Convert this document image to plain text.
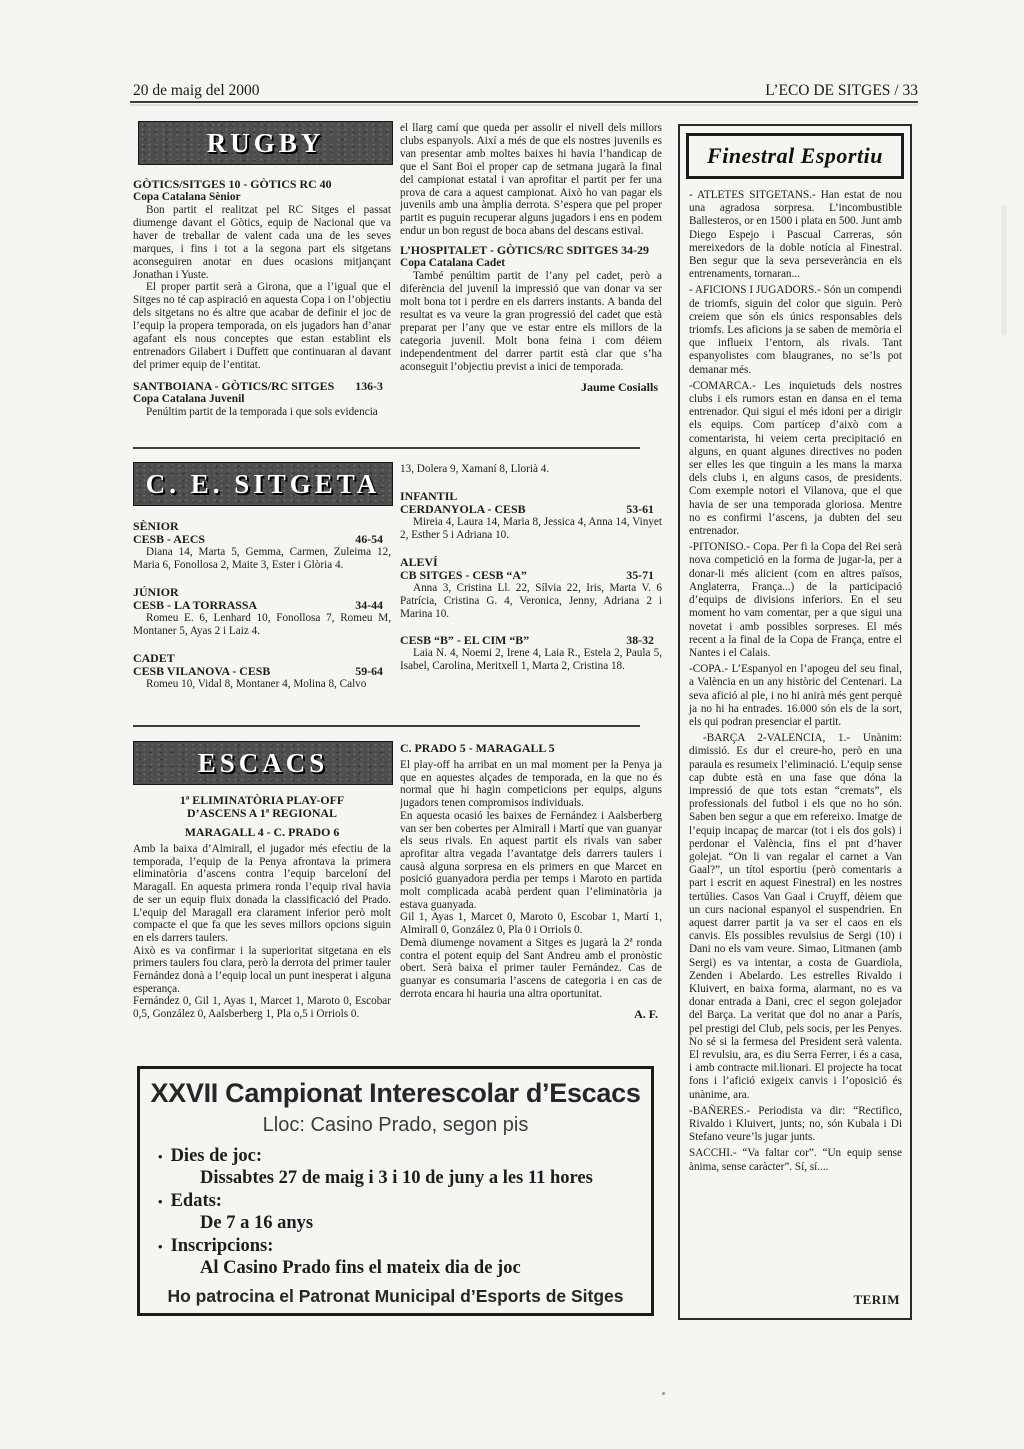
20 de maig del 2000	L’ECO DE SITGES / 33
RUGBY
GÒTICS/SITGES 10 - GÒTICS RC 40
Copa Catalana Sènior

Bon partit el realitzat pel RC Sitges el passat diumenge davant el Gòtics, equip de Nacional que va haver de treballar de valent cada una de les seves marques, i fins i tot a la segona part els sitgetans aconseguiren anotar en dues ocasions mitjançant Jonathan i Yuste.

El proper partit serà a Girona, que a l’igual que el Sitges no té cap aspiració en aquesta Copa i on l’objectiu dels sitgetans no és altre que acabar de definir el joc de l’equip la propera temporada, on els jugadors han d’anar agafant els nous conceptes que estan establint els entrenadors Gilabert i Duffett que continuaran al davant del primer equip de l’entitat.

SANTBOIANA - GÒTICS/RC SITGES 136-3
Copa Catalana Juvenil

Penúltim partit de la temporada i que sols evidencia

el llarg camí que queda per assolir el nivell dels millors clubs espanyols. Així a més de que els nostres juvenils es van presentar amb moltes baixes hi havia l’handicap de que el Sant Boi el proper cap de setmana jugarà la final del campionat estatal i van aprofitar el partit per fer una prova de cara a aquest campionat. Això ho van pagar els juvenils amb una àmplia derrota. S’espera que pel proper partit es puguin recuperar alguns jugadors i ens en podem endur un bon regust de boca abans del descans estival.

L’HOSPITALET - GÒTICS/RC SDITGES 34-29
Copa Catalana Cadet

També penúltim partit de l’any pel cadet, però a diferència del juvenil la impressió que van donar va ser molt bona tot i perdre en els darrers instants. A banda del resultat es va veure la gran progressió del cadet que està preparat per l’any que ve estar entre els millors de la categoria juvenil. Molt bona feina i com déiem independentment del darrer partit està clar que s’ha aconseguit l’objectiu previst a inici de temporada.

Jaume Cosialls
C. E. SITGETA
SÈNIOR
CESB - AECS	46-54

Diana 14, Marta 5, Gemma, Carmen, Zuleima 12, Maria 6, Fonollosa 2, Maite 3, Ester i Glòria 4.

JÚNIOR
CESB - LA TORRASSA	34-44

Romeu E. 6, Lenhard 10, Fonollosa 7, Romeu M, Montaner 5, Ayas 2 i Laiz 4.

CADET
CESB VILANOVA - CESB	59-64

Romeu 10, Vidal 8, Montaner 4, Molina 8, Calvo

13, Dolera 9, Xamaní 8, Llorià 4.

INFANTIL
CERDANYOLA - CESB	53-61

Mireia 4, Laura 14, Maria 8, Jessica 4, Anna 14, Vinyet 2, Esther 5 i Adriana 10.

ALEVÍ
CB SITGES - CESB “A”	35-71

Anna 3, Cristina Ll. 22, Sílvia 22, Iris, Marta V. 6 Patrícia, Cristina G. 4, Veronica, Jenny, Adriana 2 i Marina 10.

CESB “B” - EL CIM “B”	38-32

Laia N. 4, Noemi 2, Irene 4, Laia R., Estela 2, Paula 5, Isabel, Carolina, Meritxell 1, Marta 2, Cristina 18.

ESCACS
1ª ELIMINATÒRIA PLAY-OFF
D’ASCENS A 1ª REGIONAL
MARAGALL 4 - C. PRADO 6

Amb la baixa d’Almirall, el jugador més efectiu de la temporada, l’equip de la Penya afrontava la primera eliminatòria d’ascens contra l’equip barceloní del Maragall. En aquesta primera ronda l’equip rival havia de ser un equip fluix donada la classificació del Prado. L’equip del Maragall era clarament inferior però molt compacte el que fa que les seves millors opcions siguin en els darrers taulers.

Això es va confirmar i la superioritat sitgetana en els primers taulers fou clara, però la derrota del primer tauler Fernández donà a l’equip local un punt inesperat i alguna esperança.

Fernández 0, Gil 1, Ayas 1, Marcet 1, Maroto 0, Escobar 0,5, González 0, Aalsberberg 1, Pla o,5 i Orriols 0.

C. PRADO 5 - MARAGALL 5

El play-off ha arribat en un mal moment per la Penya ja que en aquestes alçades de temporada, en la que no és normal que hi hagin competicions per equips, alguns jugadors tenen compromisos individuals.

En aquesta ocasió les baixes de Fernández i Aalsberberg van ser ben cobertes per Almirall i Martí que van guanyar els seus rivals. En aquest partit els rivals van saber aprofitar altra vegada l’avantatge dels darrers taulers i causà alguna sorpresa en els primers en que Marcet en posició guanyadora perdia per temps i Maroto en partida molt complicada acabà perdent quan l’eliminatòria ja estava guanyada.

Gil 1, Ayas 1, Marcet 0, Maroto 0, Escobar 1, Martí 1, Almirall 0, González 0, Pla 0 i Orriols 0.

Demà diumenge novament a Sitges es jugarà la 2ª ronda contra el potent equip del Sant Andreu amb el pronòstic obert. Serà baixa el primer tauler Fernández. Cas de guanyar es consumaria l’ascens de categoria i en cas de derrota encara hi hauria una altra oportunitat.

A. F.
Finestral Esportiu

- ATLETES SITGETANS.- Han estat de nou una agradosa sorpresa. L’incombustible Ballesteros, or en 1500 i plata en 500. Junt amb Diego Espejo i Pascual Carreras, són mereixedors de la doble notícia al Finestral. Ben segur que la seva perseverància en els entrenaments, tornaran...

- AFICIONS I JUGADORS.- Són un compendi de triomfs, siguin del color que siguin. Però creiem que són els únics responsables dels triomfs. Les aficions ja se saben de memòria el que influeix l’entorn, als rivals. Tant espanyolistes com blaugranes, no se’ls pot demanar més.

-COMARCA.- Les inquietuds dels nostres clubs i els rumors estan en dansa en el tema entrenador. Qui sigui el més idoni per a dirigir els equips. Com partícep d’això com a comentarista, hi veiem certa precipitació en alguns, en quant algunes directives no poden ser elles les que tinguin a les mans la marxa dels clubs i, en alguns casos, de presidents. Com exemple notori el Vilanova, que el que havia de ser una temporada gloriosa. Mentre no es confirmi l’ascens, ja dubten del seu entrenador.

-PITONISO.- Copa. Per fi la Copa del Rei serà nova competició en la forma de jugar-la, per a donar-li més alicient (com en altres països, Anglaterra, França...) de la participació d’equips de divisions inferiors. En el seu moment ho vam comentar, per a que sigui una novetat i amb possibles sorpreses. El més recent a la final de la Copa de França, entre el Nantes i el Calais.

-COPA.- L’Espanyol en l’apogeu del seu final, a València en un any històric del Centenari. La seva afició al ple, i no hi anirà més gent perquè ja no hi ha entrades. 16.000 són els de la sort, els qui podran presenciar el partit.

-BARÇA 2-VALENCIA, 1.- Unànim: dimissió. Es dur el creure-ho, però en una paraula es resumeix l’eliminació. L’equip sense cap dubte està en una fase que dóna la impressió de que tots estan “cremats”, els professionals del futbol i els que no ho són. Saben ben segur a que em refereixo. Imatge de l’equip incapaç de marcar (tot i els dos gols) i perdonar el València, fins el pnt d’haver golejat. “On li van regalar el carnet a Van Gaal?”, un títol esportiu (però comentaris a part i escrit en aquest Finestral) en les nostres tertúlies. Casos Van Gaal i Cruyff, dèiem que un curs nacional espanyol el suspendrien. En aquest darrer partit ja va ser el caos en els canvis. Els possibles revulsius de Sergi (10) i Dani no els vam veure. Simao, Litmanen (amb Sergi) es va intentar, a costa de Guardiola, Zenden i Abelardo. Les estrelles Rivaldo i Kluivert, en baixa forma, alarmant, no es va donar entrada a Dani, crec el segon golejador del Barça. La veritat que dol no anar a París, pel prestigi del Club, pels socis, per les Penyes. No sé si la fermesa del President serà valenta. El revulsiu, ara, es diu Serra Ferrer, i és a casa, i amb contracte mil.lionari. El projecte ha tocat fons i l’afició exigeix canvis i l’oposició és unànime, ara.

-BAÑERES.- Periodista va dir: “Rectifico, Rivaldo i Kluivert, junts; no, són Kubala i Di Stefano veure’ls jugar junts.

SACCHI.- “Va faltar cor”. “Un equip sense ànima, sense caràcter”. Sí, sí....

TERIM
XXVII Campionat Interescolar d’Escacs
Lloc: Casino Prado, segon pis
• Dies de joc:
Dissabtes 27 de maig i 3 i 10 de juny a les 11 hores
• Edats:
De 7 a 16 anys
• Inscripcions:
Al Casino Prado fins el mateix dia de joc
Ho patrocina el Patronat Municipal d’Esports de Sitges
